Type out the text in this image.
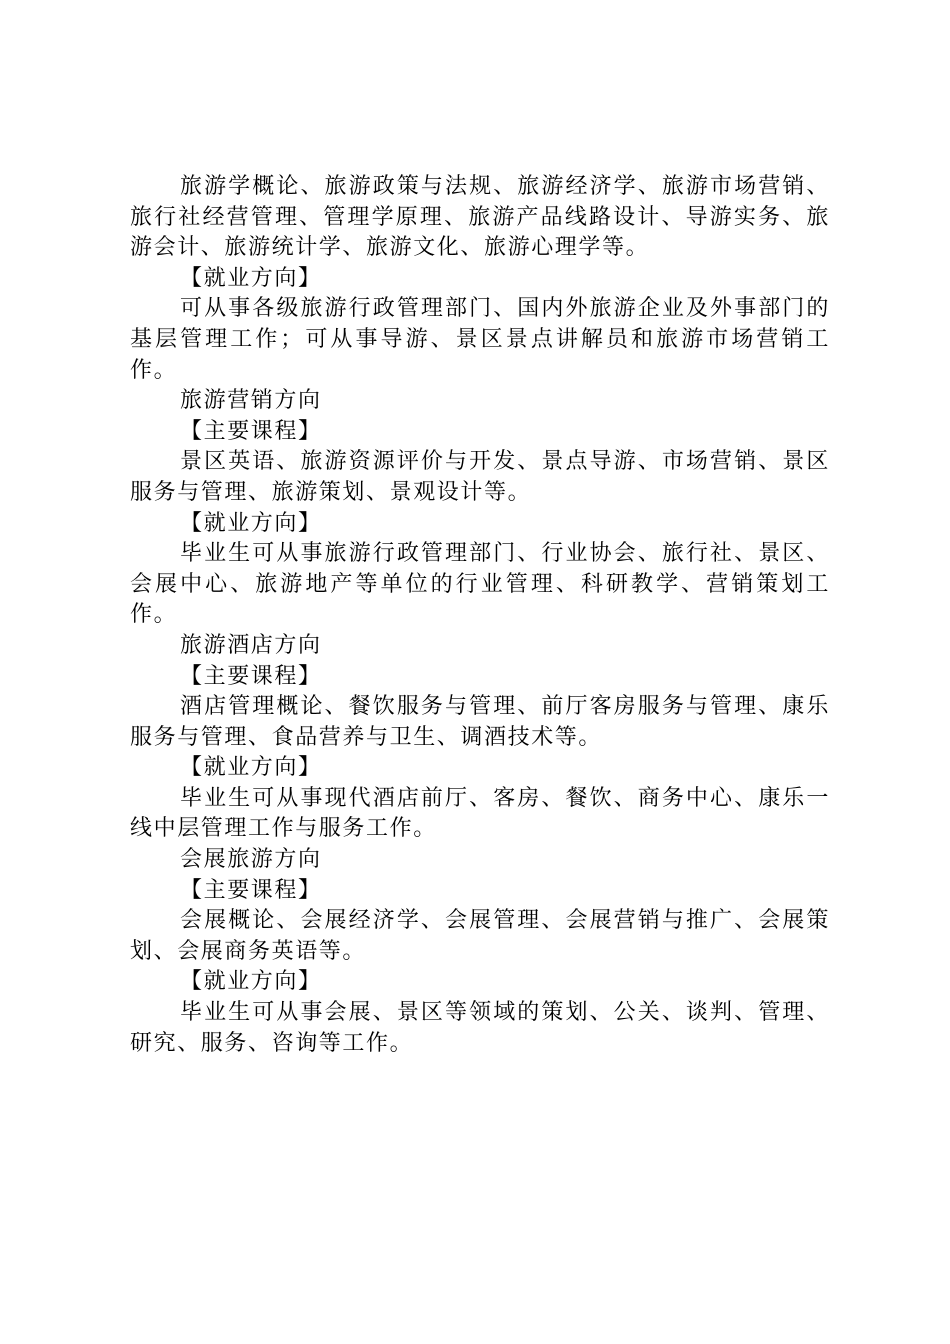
旅游学概论、旅游政策与法规、旅游经济学、旅游市场营销、旅行社经营管理、管理学原理、旅游产品线路设计、导游实务、旅游会计、旅游统计学、旅游文化、旅游心理学等。

【就业方向】

可从事各级旅游行政管理部门、国内外旅游企业及外事部门的基层管理工作；可从事导游、景区景点讲解员和旅游市场营销工作。

旅游营销方向

【主要课程】

景区英语、旅游资源评价与开发、景点导游、市场营销、景区服务与管理、旅游策划、景观设计等。

【就业方向】

毕业生可从事旅游行政管理部门、行业协会、旅行社、景区、会展中心、旅游地产等单位的行业管理、科研教学、营销策划工作。

旅游酒店方向

【主要课程】

酒店管理概论、餐饮服务与管理、前厅客房服务与管理、康乐服务与管理、食品营养与卫生、调酒技术等。

【就业方向】

毕业生可从事现代酒店前厅、客房、餐饮、商务中心、康乐一线中层管理工作与服务工作。

会展旅游方向

【主要课程】

会展概论、会展经济学、会展管理、会展营销与推广、会展策划、会展商务英语等。

【就业方向】

毕业生可从事会展、景区等领域的策划、公关、谈判、管理、研究、服务、咨询等工作。
